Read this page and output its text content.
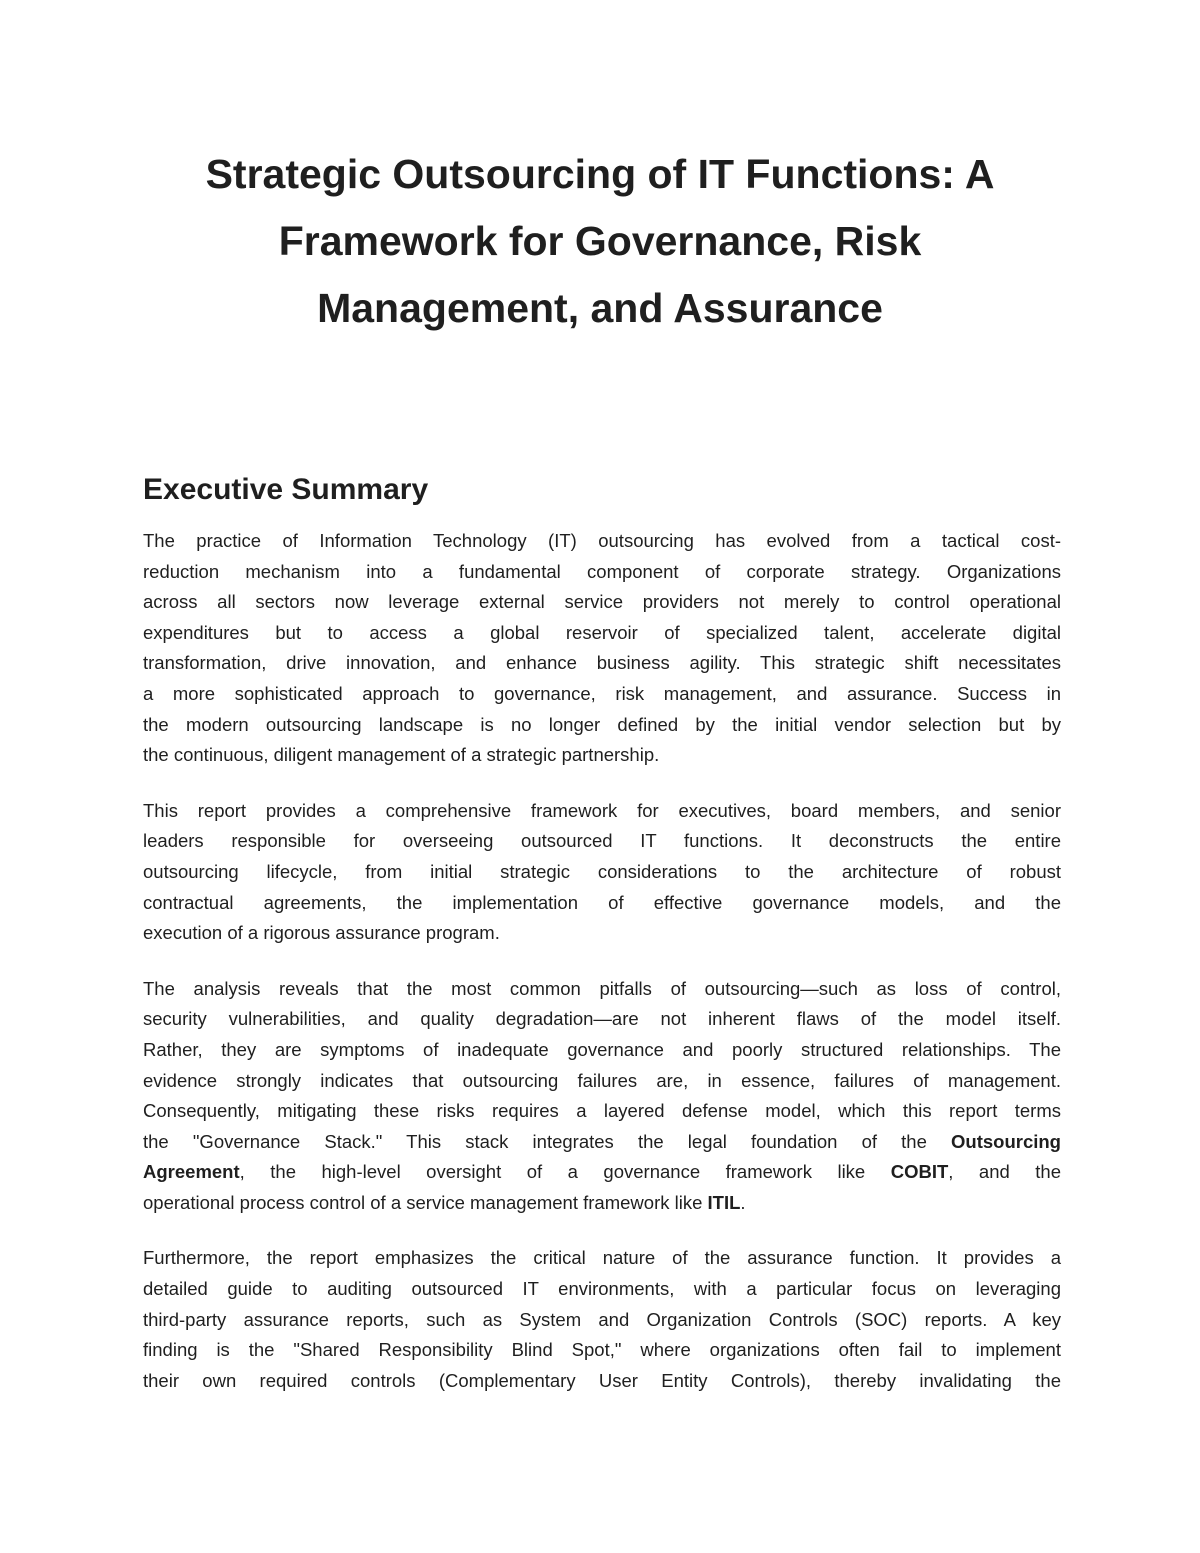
Strategic Outsourcing of IT Functions: A
Framework for Governance, Risk
Management, and Assurance
Executive Summary
The practice of Information Technology (IT) outsourcing has evolved from a tactical cost-
reduction mechanism into a fundamental component of corporate strategy. Organizations
across all sectors now leverage external service providers not merely to control operational
expenditures but to access a global reservoir of specialized talent, accelerate digital
transformation, drive innovation, and enhance business agility. This strategic shift necessitates
a more sophisticated approach to governance, risk management, and assurance. Success in
the modern outsourcing landscape is no longer defined by the initial vendor selection but by
the continuous, diligent management of a strategic partnership.
This report provides a comprehensive framework for executives, board members, and senior
leaders responsible for overseeing outsourced IT functions. It deconstructs the entire
outsourcing lifecycle, from initial strategic considerations to the architecture of robust
contractual agreements, the implementation of effective governance models, and the
execution of a rigorous assurance program.
The analysis reveals that the most common pitfalls of outsourcing—such as loss of control,
security vulnerabilities, and quality degradation—are not inherent flaws of the model itself.
Rather, they are symptoms of inadequate governance and poorly structured relationships. The
evidence strongly indicates that outsourcing failures are, in essence, failures of management.
Consequently, mitigating these risks requires a layered defense model, which this report terms
the "Governance Stack." This stack integrates the legal foundation of the Outsourcing
Agreement, the high-level oversight of a governance framework like COBIT, and the
operational process control of a service management framework like ITIL.
Furthermore, the report emphasizes the critical nature of the assurance function. It provides a
detailed guide to auditing outsourced IT environments, with a particular focus on leveraging
third-party assurance reports, such as System and Organization Controls (SOC) reports. A key
finding is the "Shared Responsibility Blind Spot," where organizations often fail to implement
their own required controls (Complementary User Entity Controls), thereby invalidating the
